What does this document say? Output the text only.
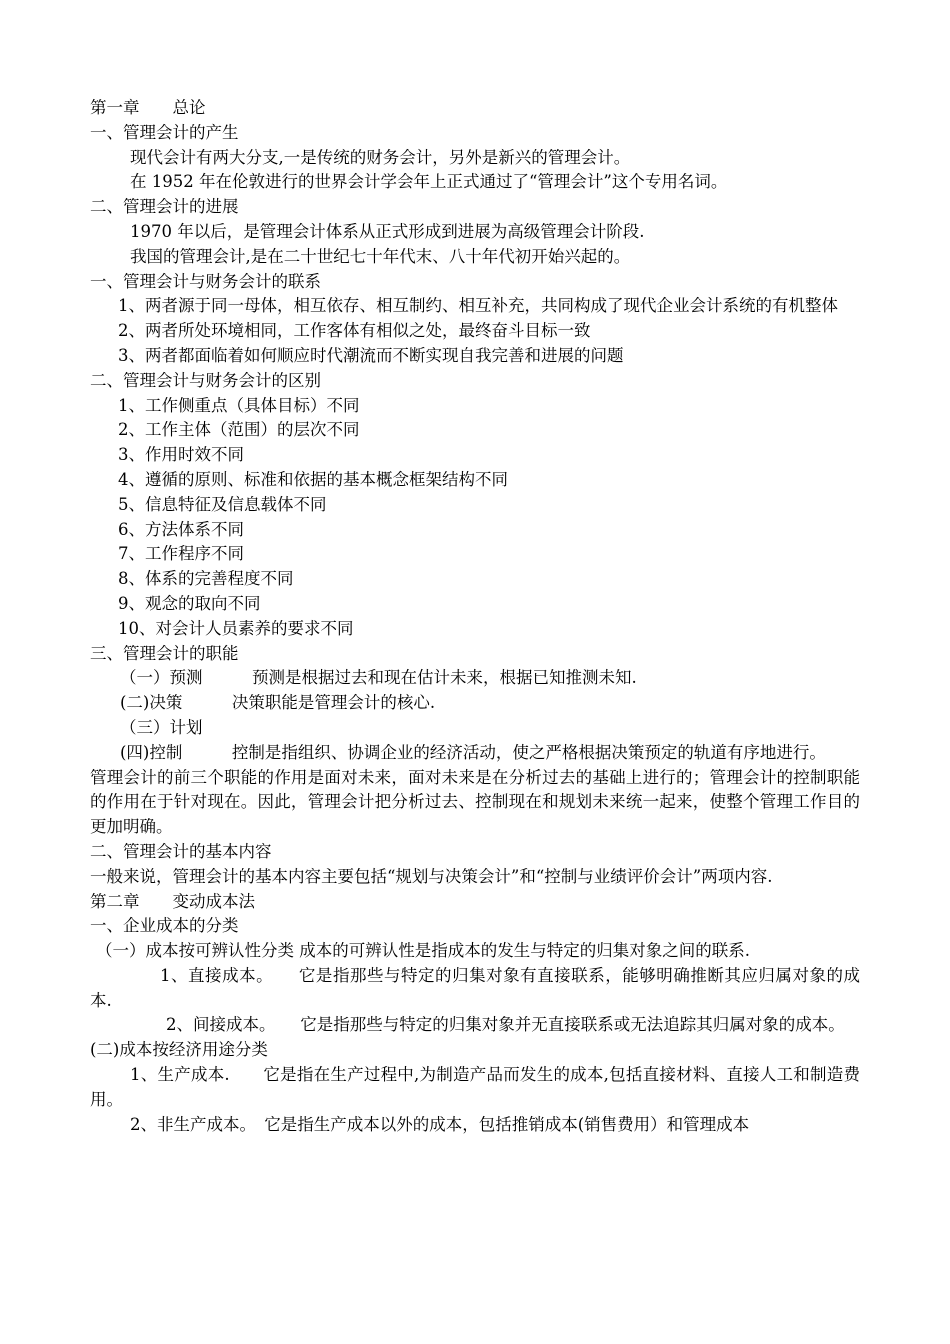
第一章　　总论
一、管理会计的产生
现代会计有两大分支,一是传统的财务会计，另外是新兴的管理会计。
在 1952 年在伦敦进行的世界会计学会年上正式通过了“管理会计”这个专用名词。
二、管理会计的进展
1970 年以后，是管理会计体系从正式形成到进展为高级管理会计阶段.
我国的管理会计,是在二十世纪七十年代末、八十年代初开始兴起的。
一、管理会计与财务会计的联系
1、两者源于同一母体，相互依存、相互制约、相互补充，共同构成了现代企业会计系统的有机整体
2、两者所处环境相同，工作客体有相似之处，最终奋斗目标一致
3、两者都面临着如何顺应时代潮流而不断实现自我完善和进展的问题
二、管理会计与财务会计的区别
1、工作侧重点（具体目标）不同
2、工作主体（范围）的层次不同
3、作用时效不同
4、遵循的原则、标准和依据的基本概念框架结构不同
5、信息特征及信息载体不同
6、方法体系不同
7、工作程序不同
8、体系的完善程度不同
9、观念的取向不同
10、对会计人员素养的要求不同
三、管理会计的职能
（一）预测　　　预测是根据过去和现在估计未来，根据已知推测未知.
(二)决策　　　决策职能是管理会计的核心.
（三）计划
(四)控制　　　控制是指组织、协调企业的经济活动，使之严格根据决策预定的轨道有序地进行。
管理会计的前三个职能的作用是面对未来，面对未来是在分析过去的基础上进行的；管理会计的控制职能的作用在于针对现在。因此，管理会计把分析过去、控制现在和规划未来统一起来，使整个管理工作目的更加明确。
二、管理会计的基本内容
一般来说，管理会计的基本内容主要包括“规划与决策会计”和“控制与业绩评价会计”两项内容.
第二章　　变动成本法
一、企业成本的分类
（一）成本按可辨认性分类 成本的可辨认性是指成本的发生与特定的归集对象之间的联系.
1、直接成本。　　它是指那些与特定的归集对象有直接联系，能够明确推断其应归属对象的成本.
2、间接成本。　　它是指那些与特定的归集对象并无直接联系或无法追踪其归属对象的成本。
(二)成本按经济用途分类
1、生产成本.　　它是指在生产过程中,为制造产品而发生的成本,包括直接材料、直接人工和制造费用。
2、非生产成本。　它是指生产成本以外的成本，包括推销成本(销售费用）和管理成本
